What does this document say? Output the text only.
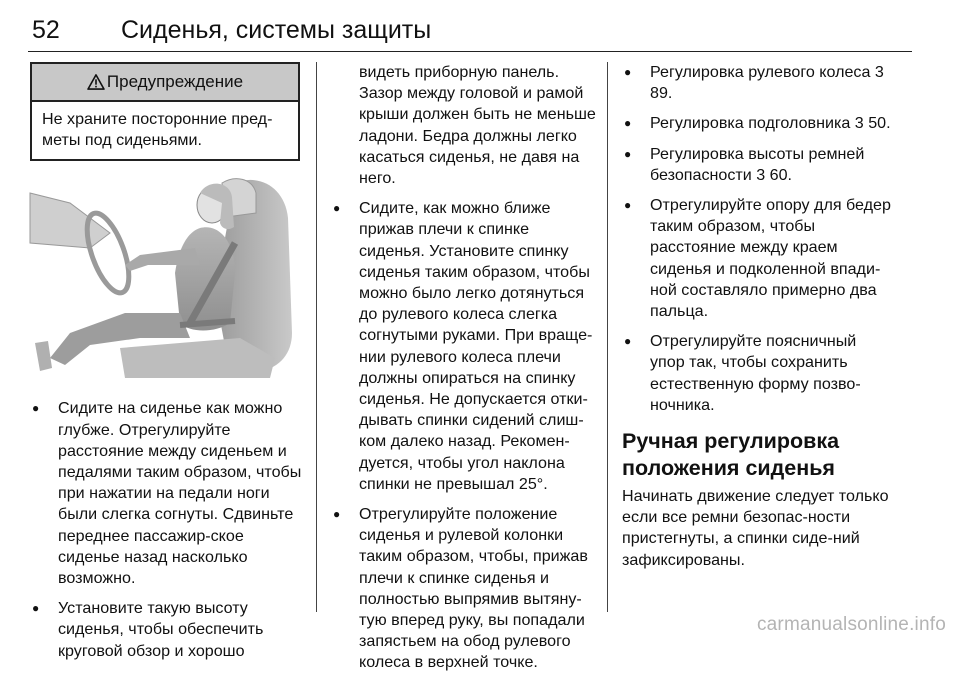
52 Сиденья, системы защиты
Предупреждение
Не храните посторонние пред-меты под сиденьями.
● Сидите на сиденье как можно глубже. Отрегулируйте расстояние между сиденьем и педалями таким образом, чтобы при нажатии на педали ноги были слегка согнуты. Сдвиньте переднее пассажир-ское сиденье назад насколько возможно.
● Установите такую высоту сиденья, чтобы обеспечить круговой обзор и хорошо

видеть приборную панель. Зазор между головой и рамой крыши должен быть не меньше ладони. Бедра должны легко касаться сиденья, не давя на него.

● Сидите, как можно ближе прижав плечи к спинке сиденья. Установите спинку сиденья таким образом, чтобы можно было легко дотянуться до рулевого колеса слегка согнутыми руками. При враще-нии рулевого колеса плечи должны опираться на спинку сиденья. Не допускается отки-дывать спинки сидений слиш-ком далеко назад. Рекомен-дуется, чтобы угол наклона спинки не превышал 25°.
● Отрегулируйте положение сиденья и рулевой колонки таким образом, чтобы, прижав плечи к спинке сиденья и полностью выпрямив вытяну-тую вперед руку, вы попадали запястьем на обод рулевого колеса в верхней точке.
● Регулировка рулевого колеса 3 89.
● Регулировка подголовника 3 50.
● Регулировка высоты ремней безопасности 3 60.
● Отрегулируйте опору для бедер таким образом, чтобы расстояние между краем сиденья и подколенной впади-ной составляло примерно два пальца.
● Отрегулируйте поясничный упор так, чтобы сохранить естественную форму позво-ночника.
Ручная регулировка положения сиденья

Начинать движение следует только если все ремни безопас-ности пристегнуты, а спинки сиде-ний зафиксированы.

carmanualsonline.info
